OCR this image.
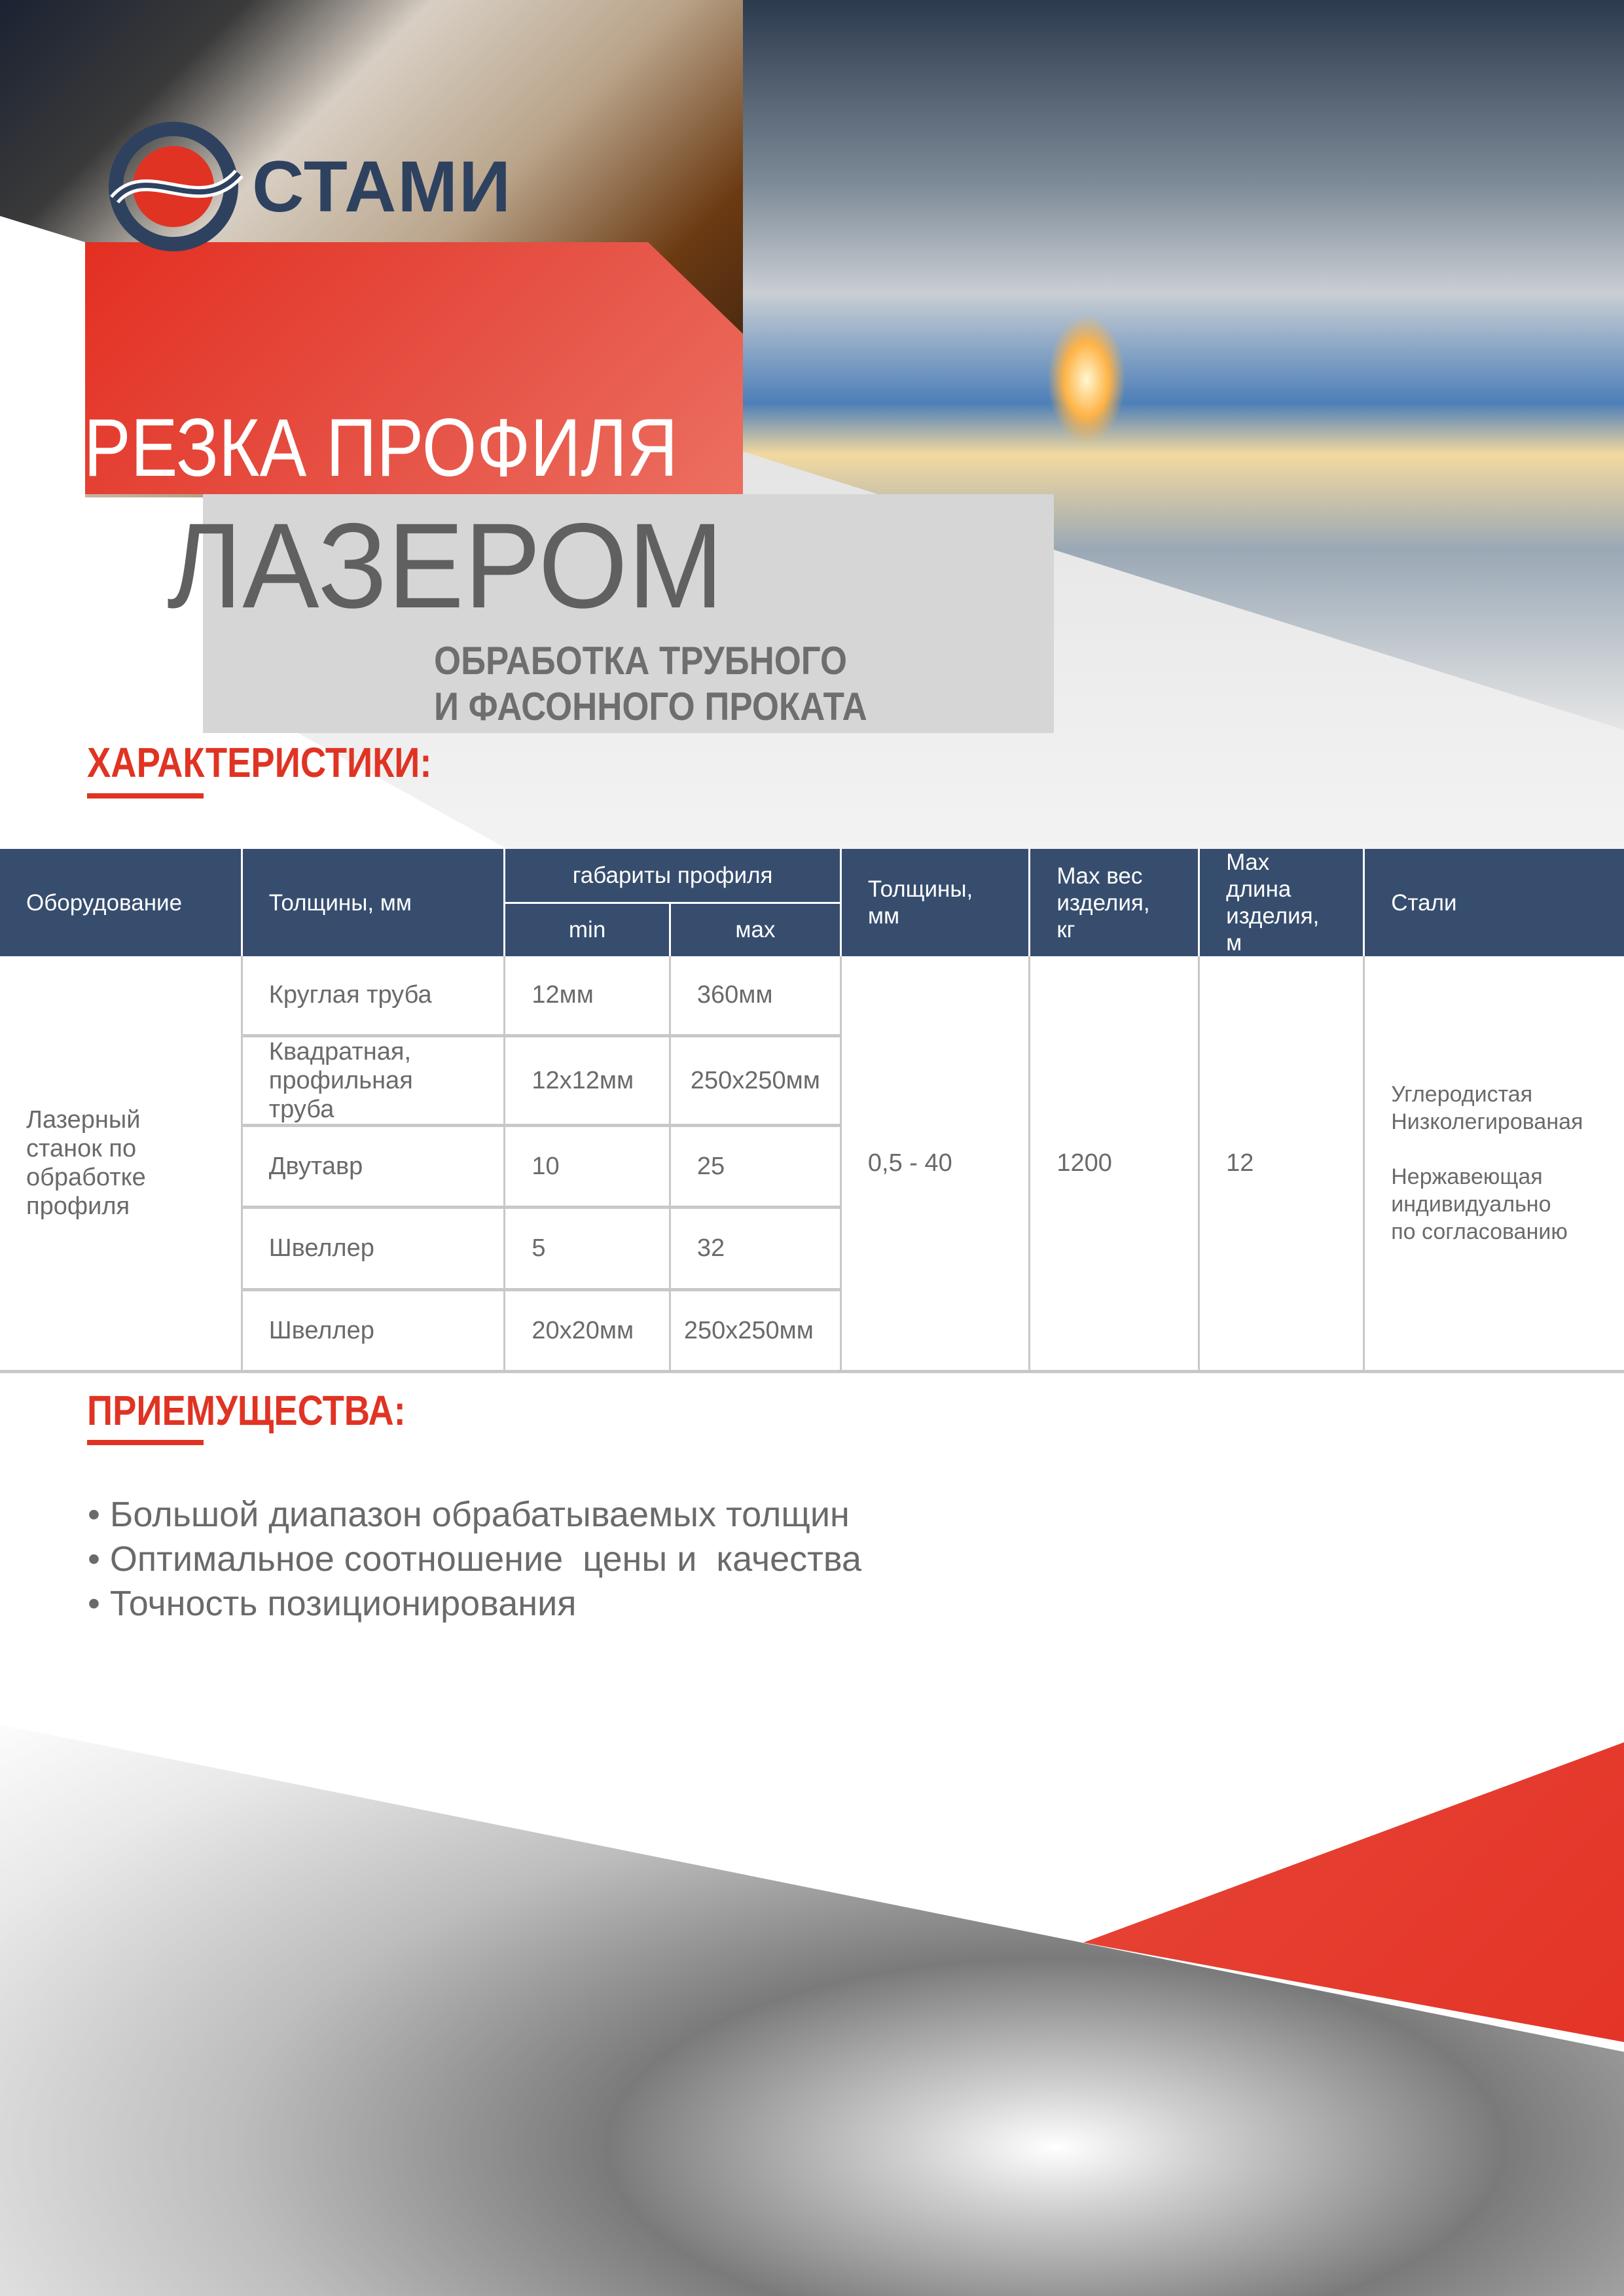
СТАМИ
РЕЗКА ПРОФИЛЯ
ЛАЗЕРОМ
ОБРАБОТКА ТРУБНОГО
И ФАСОННОГО ПРОКАТА
ХАРАКТЕРИСТИКИ:
Оборудование	Толщины, мм	габариты профиля		Толщины, мм	Max вес изделия, кг	Max длина изделия, м	Стали
		min	мах				
Лазерный станок по обработке профиля	Круглая труба	12мм	360мм	0,5 - 40	1200	12	Углеродистая
Низколегированая
Нержавеющая
индивидуально
по согласованию

	Квадратная, профильная труба	12x12мм	250x250мм				
	Двутавр	10	25				
	Швеллер	5	32				
	Швеллер	20x20мм	250x250мм				
ПРИЕМУЩЕСТВА:
• Большой диапазон обрабатываемых толщин
• Оптимальное соотношение  цены и  качества
• Точность позиционирования
